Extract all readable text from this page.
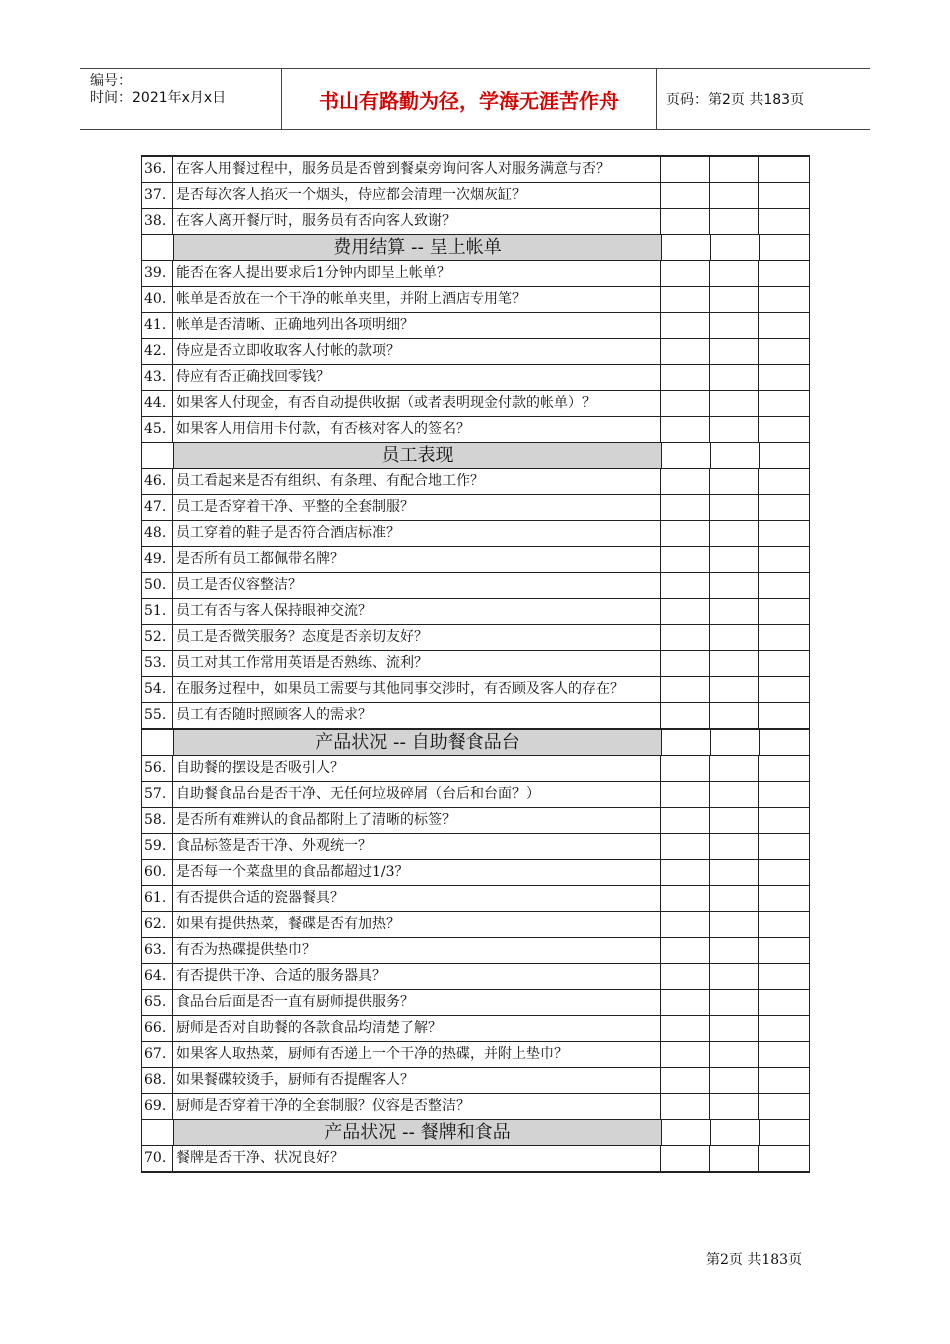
编号：
时间：2021年x月x日	书山有路勤为径，学海无涯苦作舟	页码：第2页 共183页
36. 在客人用餐过程中，服务员是否曾到餐桌旁询问客人对服务满意与否？
37. 是否每次客人掐灭一个烟头，侍应都会清理一次烟灰缸？
38. 在客人离开餐厅时，服务员有否向客人致谢？
费用结算 -- 呈上帐单
39. 能否在客人提出要求后1分钟内即呈上帐单？
40. 帐单是否放在一个干净的帐单夹里，并附上酒店专用笔？
41. 帐单是否清晰、正确地列出各项明细？
42. 侍应是否立即收取客人付帐的款项？
43. 侍应有否正确找回零钱？
44. 如果客人付现金，有否自动提供收据（或者表明现金付款的帐单）？
45. 如果客人用信用卡付款，有否核对客人的签名？
员工表现
46. 员工看起来是否有组织、有条理、有配合地工作？
47. 员工是否穿着干净、平整的全套制服？
48. 员工穿着的鞋子是否符合酒店标准？
49. 是否所有员工都佩带名牌？
50. 员工是否仪容整洁？
51. 员工有否与客人保持眼神交流？
52. 员工是否微笑服务？态度是否亲切友好？
53. 员工对其工作常用英语是否熟练、流利？
54. 在服务过程中，如果员工需要与其他同事交涉时，有否顾及客人的存在？
55. 员工有否随时照顾客人的需求？
产品状况 -- 自助餐食品台
56. 自助餐的摆设是否吸引人？
57. 自助餐食品台是否干净、无任何垃圾碎屑（台后和台面？）
58. 是否所有难辨认的食品都附上了清晰的标签？
59. 食品标签是否干净、外观统一？
60. 是否每一个菜盘里的食品都超过1/3？
61. 有否提供合适的瓷器餐具？
62. 如果有提供热菜，餐碟是否有加热？
63. 有否为热碟提供垫巾？
64. 有否提供干净、合适的服务器具？
65. 食品台后面是否一直有厨师提供服务？
66. 厨师是否对自助餐的各款食品均清楚了解？
67. 如果客人取热菜，厨师有否递上一个干净的热碟，并附上垫巾？
68. 如果餐碟较烫手，厨师有否提醒客人？
69. 厨师是否穿着干净的全套制服？仪容是否整洁？
产品状况 -- 餐牌和食品
70. 餐牌是否干净、状况良好？
第2页 共183页
